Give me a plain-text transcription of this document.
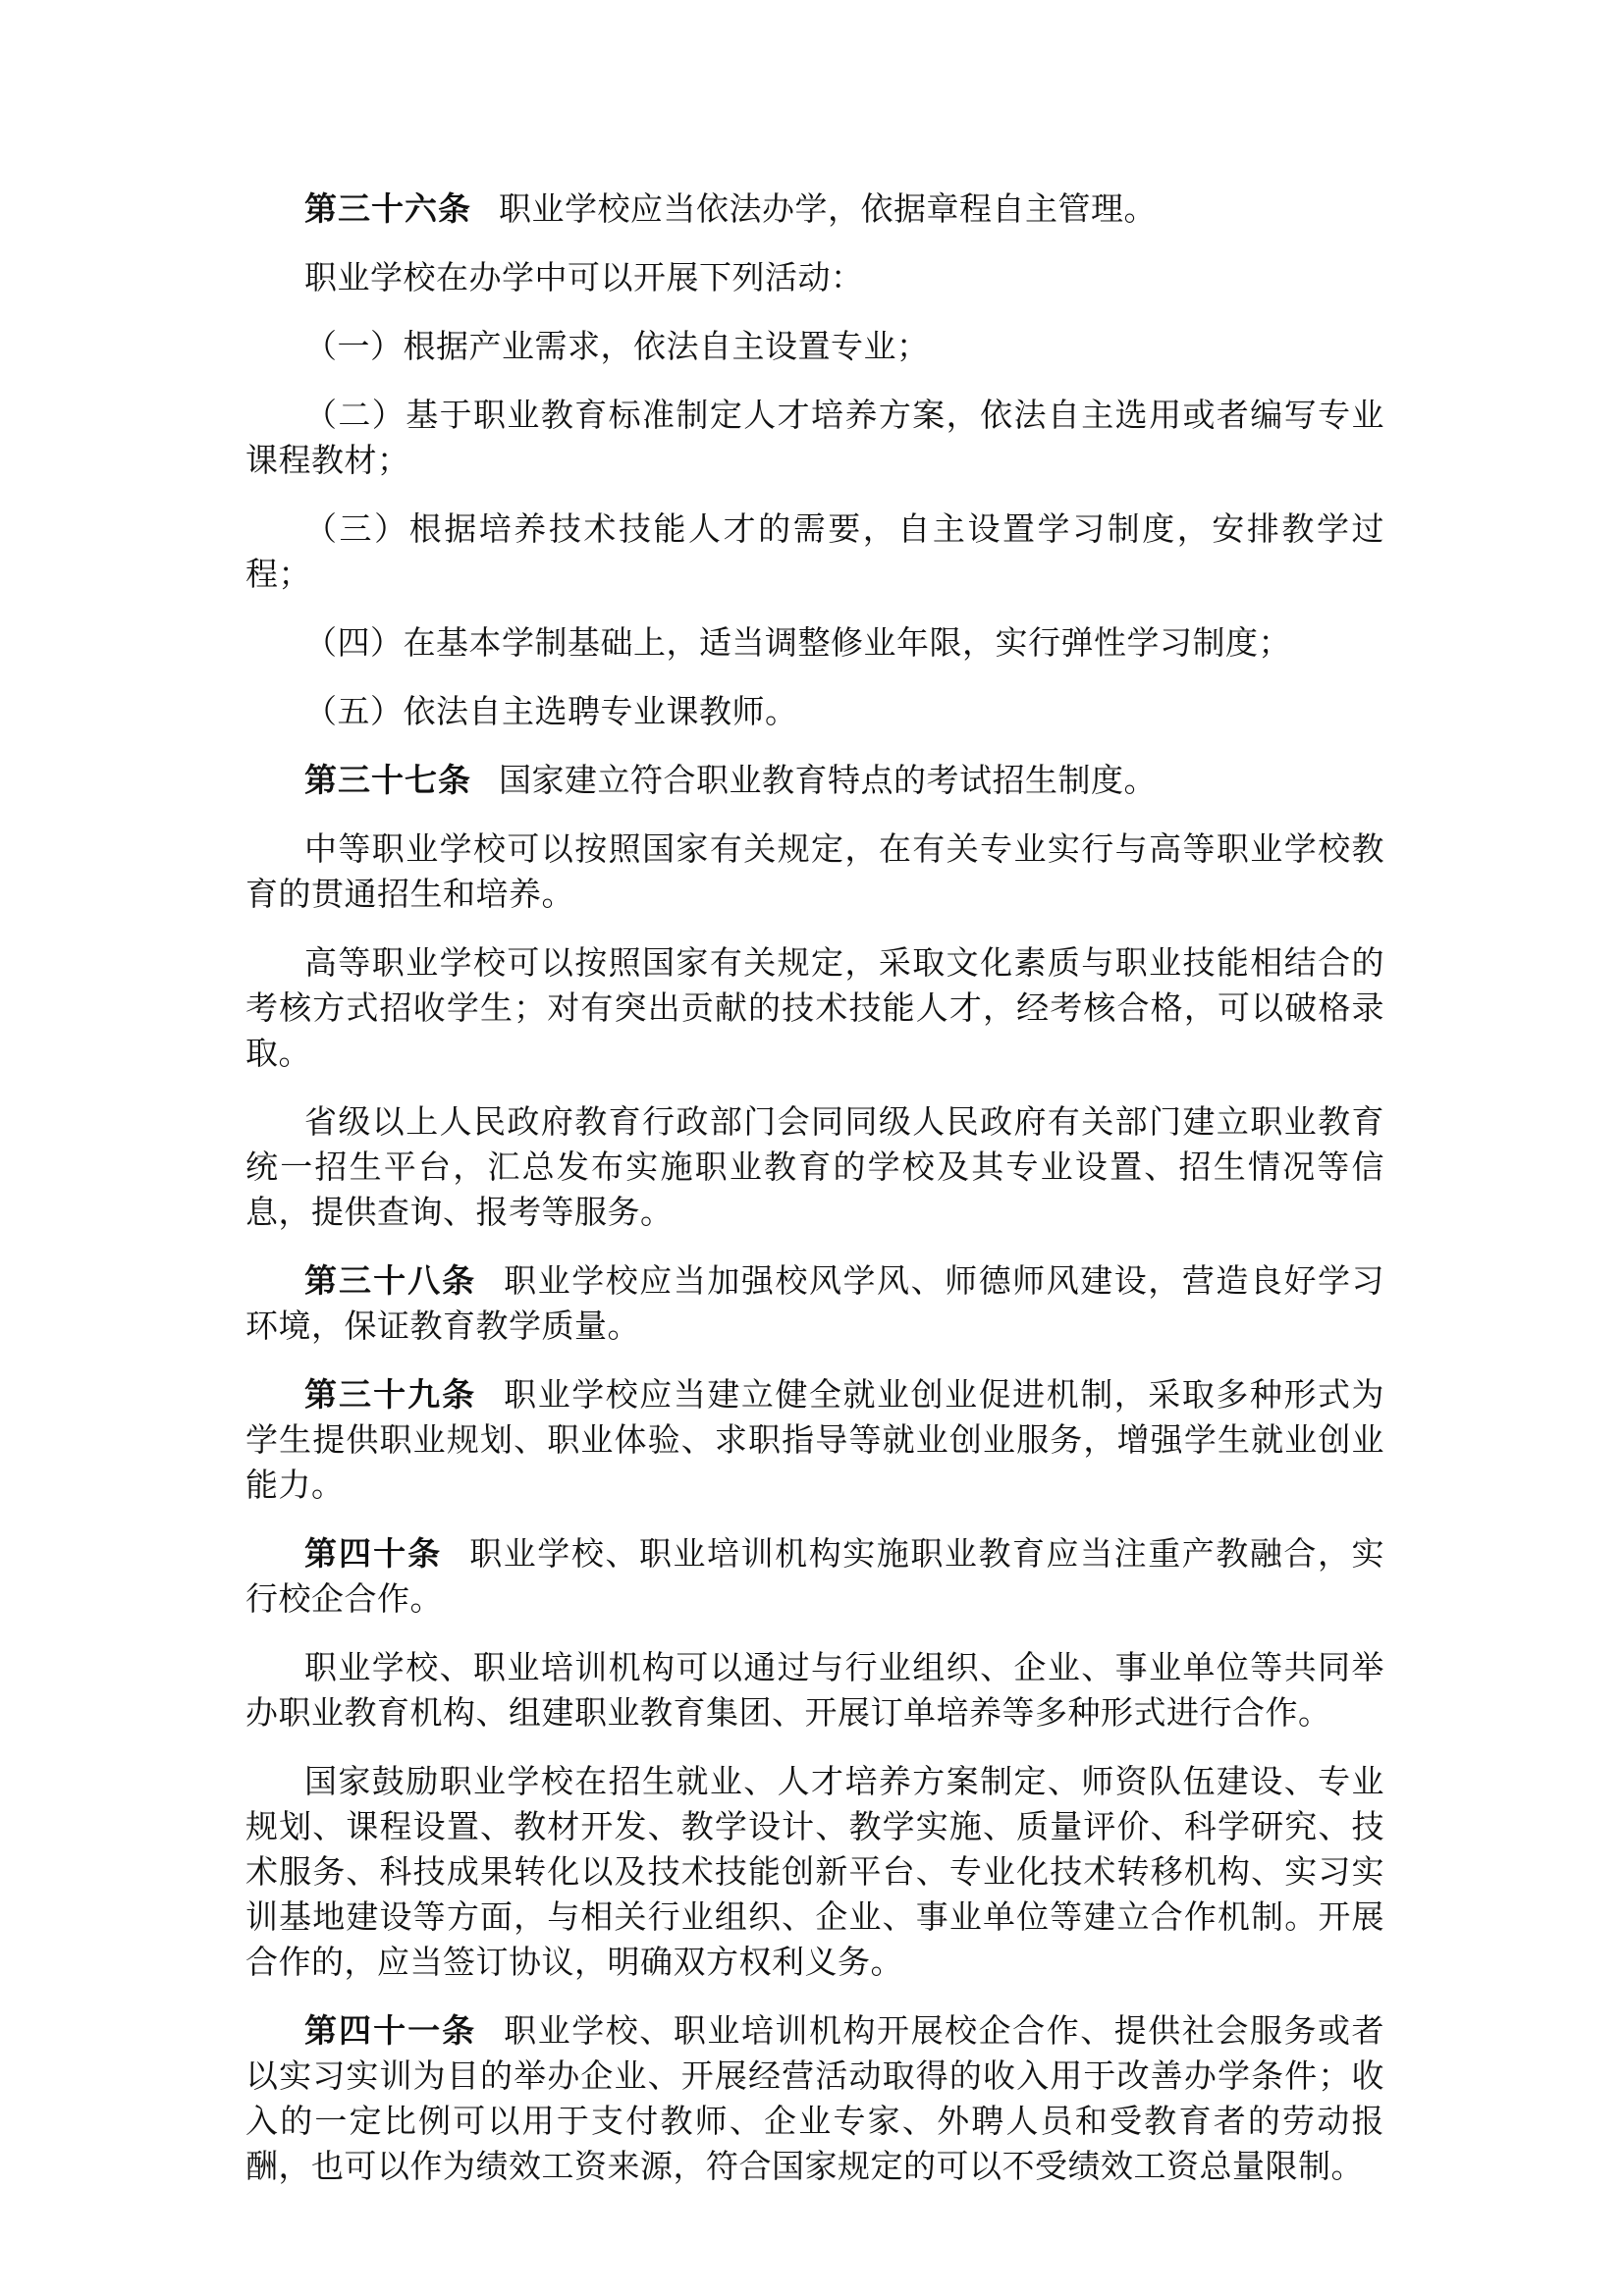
第三十六条 职业学校应当依法办学，依据章程自主管理。

职业学校在办学中可以开展下列活动：

（一）根据产业需求，依法自主设置专业；

（二）基于职业教育标准制定人才培养方案，依法自主选用或者编写专业课程教材；

（三）根据培养技术技能人才的需要，自主设置学习制度，安排教学过程；

（四）在基本学制基础上，适当调整修业年限，实行弹性学习制度；

（五）依法自主选聘专业课教师。

第三十七条 国家建立符合职业教育特点的考试招生制度。

中等职业学校可以按照国家有关规定，在有关专业实行与高等职业学校教育的贯通招生和培养。

高等职业学校可以按照国家有关规定，采取文化素质与职业技能相结合的考核方式招收学生；对有突出贡献的技术技能人才，经考核合格，可以破格录取。

省级以上人民政府教育行政部门会同同级人民政府有关部门建立职业教育统一招生平台，汇总发布实施职业教育的学校及其专业设置、招生情况等信息，提供查询、报考等服务。

第三十八条 职业学校应当加强校风学风、师德师风建设，营造良好学习环境，保证教育教学质量。

第三十九条 职业学校应当建立健全就业创业促进机制，采取多种形式为学生提供职业规划、职业体验、求职指导等就业创业服务，增强学生就业创业能力。

第四十条 职业学校、职业培训机构实施职业教育应当注重产教融合，实行校企合作。

职业学校、职业培训机构可以通过与行业组织、企业、事业单位等共同举办职业教育机构、组建职业教育集团、开展订单培养等多种形式进行合作。

国家鼓励职业学校在招生就业、人才培养方案制定、师资队伍建设、专业规划、课程设置、教材开发、教学设计、教学实施、质量评价、科学研究、技术服务、科技成果转化以及技术技能创新平台、专业化技术转移机构、实习实训基地建设等方面，与相关行业组织、企业、事业单位等建立合作机制。开展合作的，应当签订协议，明确双方权利义务。

第四十一条 职业学校、职业培训机构开展校企合作、提供社会服务或者以实习实训为目的举办企业、开展经营活动取得的收入用于改善办学条件；收入的一定比例可以用于支付教师、企业专家、外聘人员和受教育者的劳动报酬，也可以作为绩效工资来源，符合国家规定的可以不受绩效工资总量限制。
